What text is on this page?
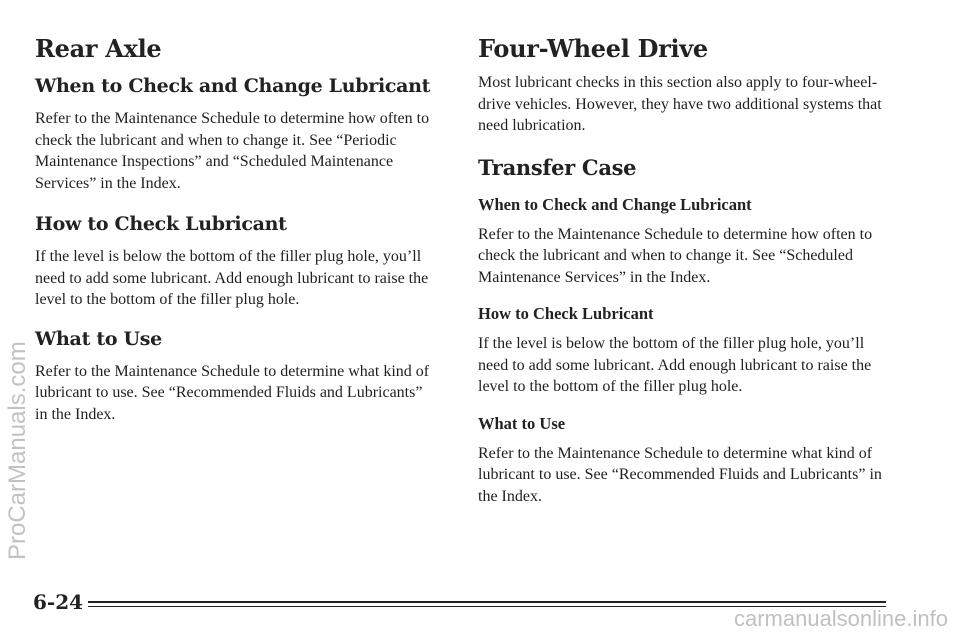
Rear Axle
When to Check and Change Lubricant

Refer to the Maintenance Schedule to determine how often to check the lubricant and when to change it. See “Periodic Maintenance Inspections” and “Scheduled Maintenance Services” in the Index.

How to Check Lubricant

If the level is below the bottom of the filler plug hole, you’ll need to add some lubricant. Add enough lubricant to raise the level to the bottom of the filler plug hole.

What to Use

Refer to the Maintenance Schedule to determine what kind of lubricant to use. See “Recommended Fluids and Lubricants” in the Index.

Four-Wheel Drive

Most lubricant checks in this section also apply to four-wheel-drive vehicles. However, they have two additional systems that need lubrication.

Transfer Case
When to Check and Change Lubricant

Refer to the Maintenance Schedule to determine how often to check the lubricant and when to change it. See “Scheduled Maintenance Services” in the Index.

How to Check Lubricant

If the level is below the bottom of the filler plug hole, you’ll need to add some lubricant. Add enough lubricant to raise the level to the bottom of the filler plug hole.

What to Use

Refer to the Maintenance Schedule to determine what kind of lubricant to use. See “Recommended Fluids and Lubricants” in the Index.

6-24
ProCarManuals.com
carmanualsonline.info
